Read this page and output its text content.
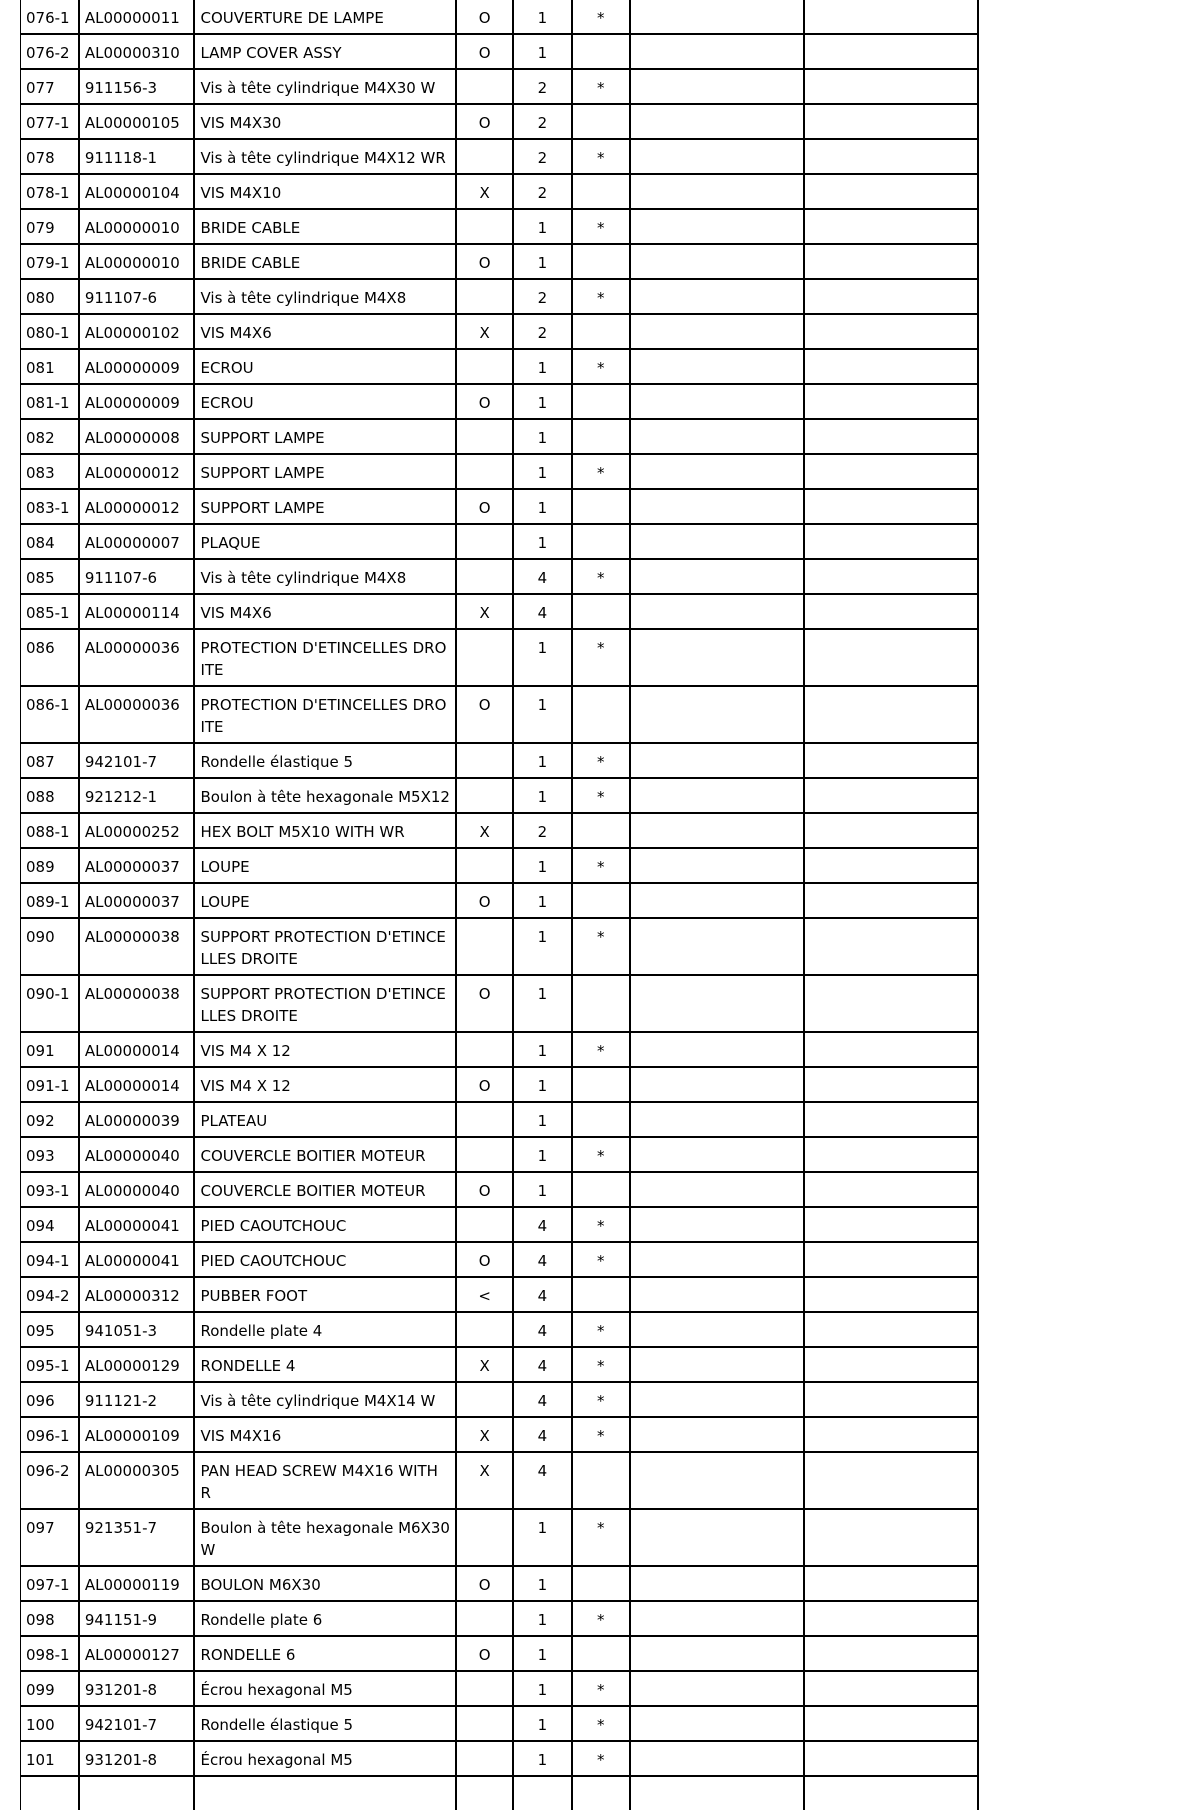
076-1	AL00000011	COUVERTURE DE LAMPE	O	1	*		
076-2	AL00000310	LAMP COVER ASSY	O	1			
077	911156-3	Vis à tête cylindrique M4X30 W		2	*		
077-1	AL00000105	VIS M4X30	O	2			
078	911118-1	Vis à tête cylindrique M4X12 WR		2	*		
078-1	AL00000104	VIS M4X10	X	2			
079	AL00000010	BRIDE CABLE		1	*		
079-1	AL00000010	BRIDE CABLE	O	1			
080	911107-6	Vis à tête cylindrique M4X8		2	*		
080-1	AL00000102	VIS M4X6	X	2			
081	AL00000009	ECROU		1	*		
081-1	AL00000009	ECROU	O	1			
082	AL00000008	SUPPORT LAMPE		1			
083	AL00000012	SUPPORT LAMPE		1	*		
083-1	AL00000012	SUPPORT LAMPE	O	1			
084	AL00000007	PLAQUE		1			
085	911107-6	Vis à tête cylindrique M4X8		4	*		
085-1	AL00000114	VIS M4X6	X	4			
086	AL00000036	PROTECTION D'ETINCELLES DROITE		1	*		
086-1	AL00000036	PROTECTION D'ETINCELLES DROITE	O	1			
087	942101-7	Rondelle élastique 5		1	*		
088	921212-1	Boulon à tête hexagonale M5X12		1	*		
088-1	AL00000252	HEX BOLT M5X10 WITH WR	X	2			
089	AL00000037	LOUPE		1	*		
089-1	AL00000037	LOUPE	O	1			
090	AL00000038	SUPPORT PROTECTION D'ETINCELLES DROITE		1	*		
090-1	AL00000038	SUPPORT PROTECTION D'ETINCELLES DROITE	O	1			
091	AL00000014	VIS M4 X 12		1	*		
091-1	AL00000014	VIS M4 X 12	O	1			
092	AL00000039	PLATEAU		1			
093	AL00000040	COUVERCLE BOITIER MOTEUR		1	*		
093-1	AL00000040	COUVERCLE BOITIER MOTEUR	O	1			
094	AL00000041	PIED CAOUTCHOUC		4	*		
094-1	AL00000041	PIED CAOUTCHOUC	O	4	*		
094-2	AL00000312	PUBBER FOOT	<	4			
095	941051-3	Rondelle plate 4		4	*		
095-1	AL00000129	RONDELLE 4	X	4	*		
096	911121-2	Vis à tête cylindrique M4X14 W		4	*		
096-1	AL00000109	VIS M4X16	X	4	*		
096-2	AL00000305	PAN HEAD SCREW M4X16 WITH R	X	4			
097	921351-7	Boulon à tête hexagonale M6X30 W		1	*		
097-1	AL00000119	BOULON M6X30	O	1			
098	941151-9	Rondelle plate 6		1	*		
098-1	AL00000127	RONDELLE 6	O	1			
099	931201-8	Écrou hexagonal M5		1	*		
100	942101-7	Rondelle élastique 5		1	*		
101	931201-8	Écrou hexagonal M5		1	*		
